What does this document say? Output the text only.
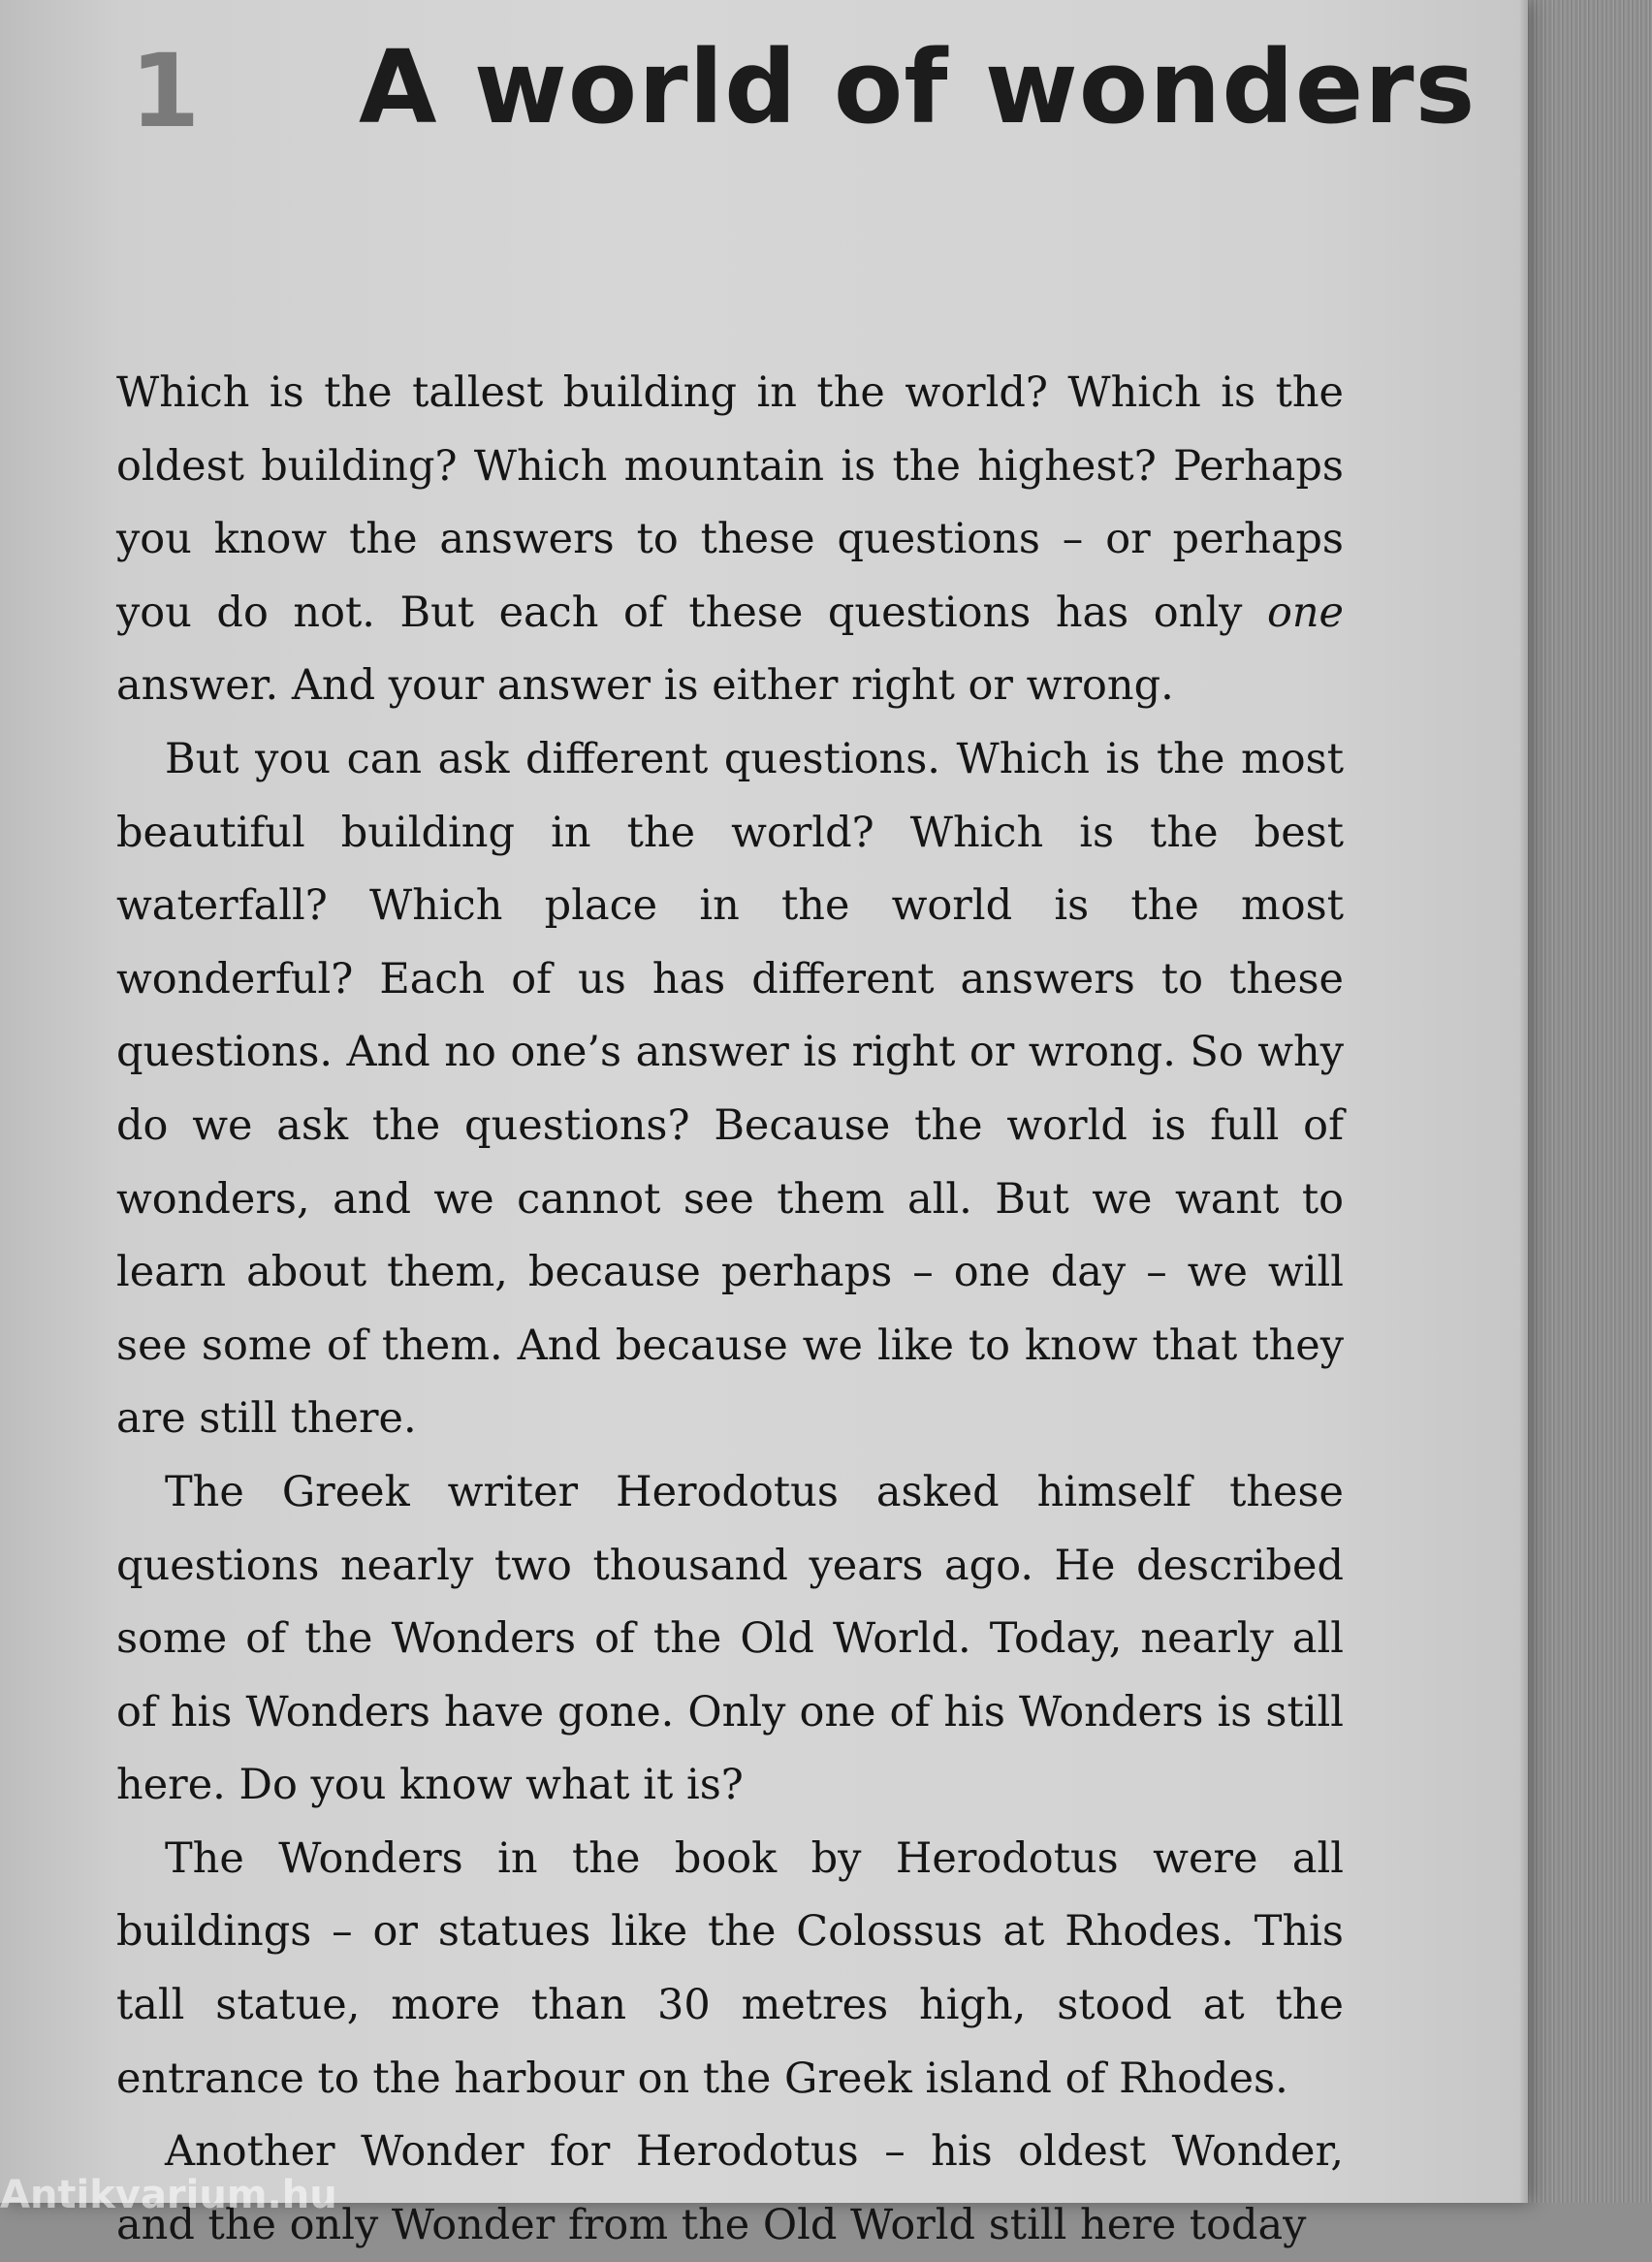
1 A world of wonders

Which is the tallest building in the world? Which is the oldest building? Which mountain is the highest? Perhaps you know the answers to these questions – or perhaps you do not. But each of these questions has only one answer. And your answer is either right or wrong.

But you can ask different questions. Which is the most beautiful building in the world? Which is the best waterfall? Which place in the world is the most wonderful? Each of us has different answers to these questions. And no one’s answer is right or wrong. So why do we ask the questions? Because the world is full of wonders, and we cannot see them all. But we want to learn about them, because perhaps – one day – we will see some of them. And because we like to know that they are still there.

The Greek writer Herodotus asked himself these questions nearly two thousand years ago. He described some of the Wonders of the Old World. Today, nearly all of his Wonders have gone. Only one of his Wonders is still here. Do you know what it is?

The Wonders in the book by Herodotus were all buildings – or statues like the Colossus at Rhodes. This tall statue, more than 30 metres high, stood at the entrance to the harbour on the Greek island of Rhodes.

Another Wonder for Herodotus – his oldest Wonder, and the only Wonder from the Old World still here today

Antikvarium.hu
